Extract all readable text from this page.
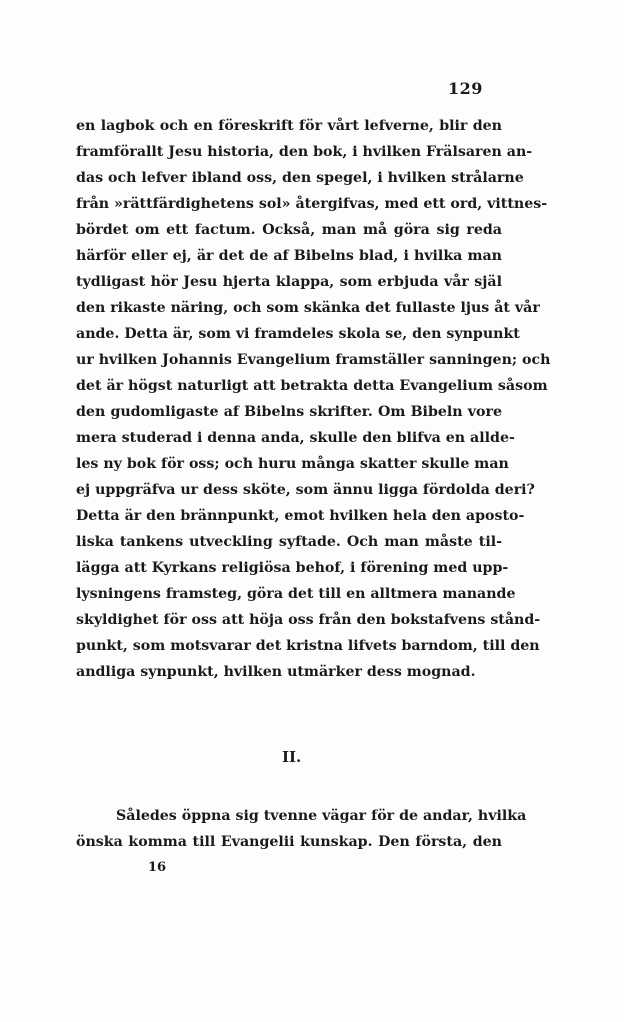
129
en lagbok och en föreskrift för vårt lefverne, blir den
framförallt Jesu historia, den bok, i hvilken Frälsaren an-
das och lefver ibland oss, den spegel, i hvilken strålarne
från »rättfärdighetens sol» återgifvas, med ett ord, vittnes-
bördet om ett factum. Också, man må göra sig reda
härför eller ej, är det de af Bibelns blad, i hvilka man
tydligast hör Jesu hjerta klappa, som erbjuda vår själ
den rikaste näring, och som skänka det fullaste ljus åt vår
ande. Detta är, som vi framdeles skola se, den synpunkt
ur hvilken Johannis Evangelium framställer sanningen; och
det är högst naturligt att betrakta detta Evangelium såsom
den gudomligaste af Bibelns skrifter. Om Bibeln vore
mera studerad i denna anda, skulle den blifva en allde-
les ny bok för oss; och huru många skatter skulle man
ej uppgräfva ur dess sköte, som ännu ligga fördolda deri?
Detta är den brännpunkt, emot hvilken hela den aposto-
liska tankens utveckling syftade. Och man måste til-
lägga att Kyrkans religiösa behof, i förening med upp-
lysningens framsteg, göra det till en alltmera manande
skyldighet för oss att höja oss från den bokstafvens stånd-
punkt, som motsvarar det kristna lifvets barndom, till den
andliga synpunkt, hvilken utmärker dess mognad.
II.
Således öppna sig tvenne vägar för de andar, hvilka
önska komma till Evangelii kunskap. Den första, den
16
